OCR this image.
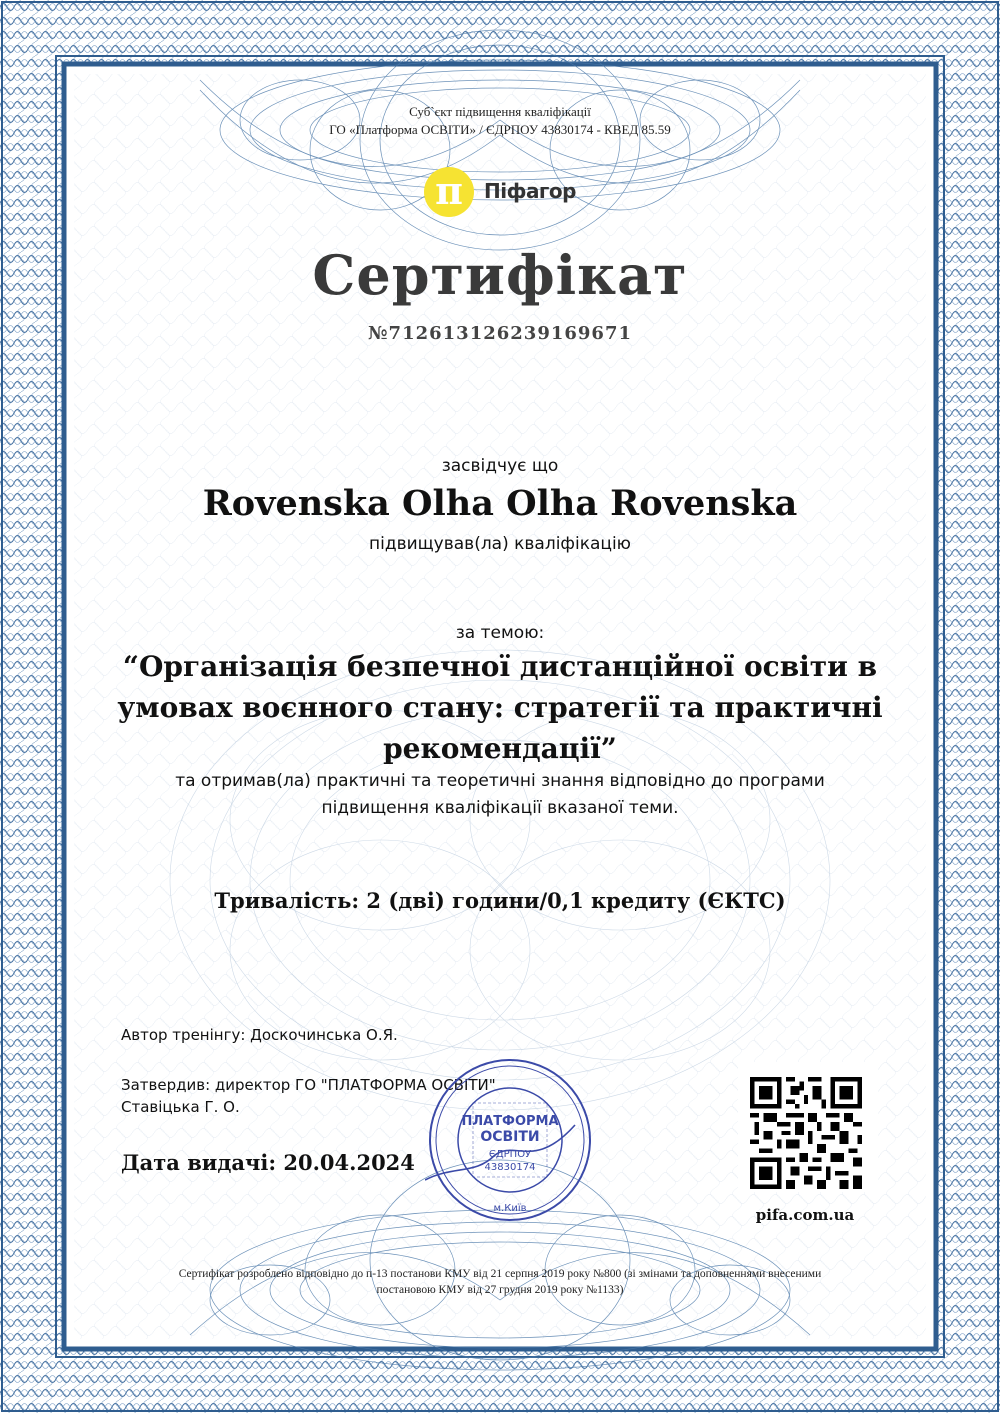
Суб`єкт підвищення кваліфікації
ГО «Платформа ОСВІТИ» / ЄДРПОУ 43830174 - КВЕД 85.59
π	Піфагор
Сертифікат
№712613126239169671
засвідчує що
Rovenska Olha Olha Rovenska
підвищував(ла) кваліфікацію
за темою:
“Організація безпечної дистанційної освіти в умовах воєнного стану: стратегії та практичні рекомендації”
та отримав(ла) практичні та теоретичні знання відповідно до програми підвищення кваліфікації вказаної теми.
Тривалість: 2 (дві) години/0,1 кредиту (ЄКТС)
Автор тренінгу: Доскочинська О.Я.
Затвердив: директор ГО "ПЛАТФОРМА ОСВІТИ"
Ставіцька Г. О.
Дата видачі: 20.04.2024
ПЛАТФОРМА
ОСВІТИ
ЄДРПОУ
43830174
м.Київ	pifa.com.ua
Сертифікат розроблено відповідно до п-13 постанови КМУ від 21 серпня 2019 року №800 (зі змінами та доповненнями внесеними постановою КМУ від 27 грудня 2019 року №1133)
